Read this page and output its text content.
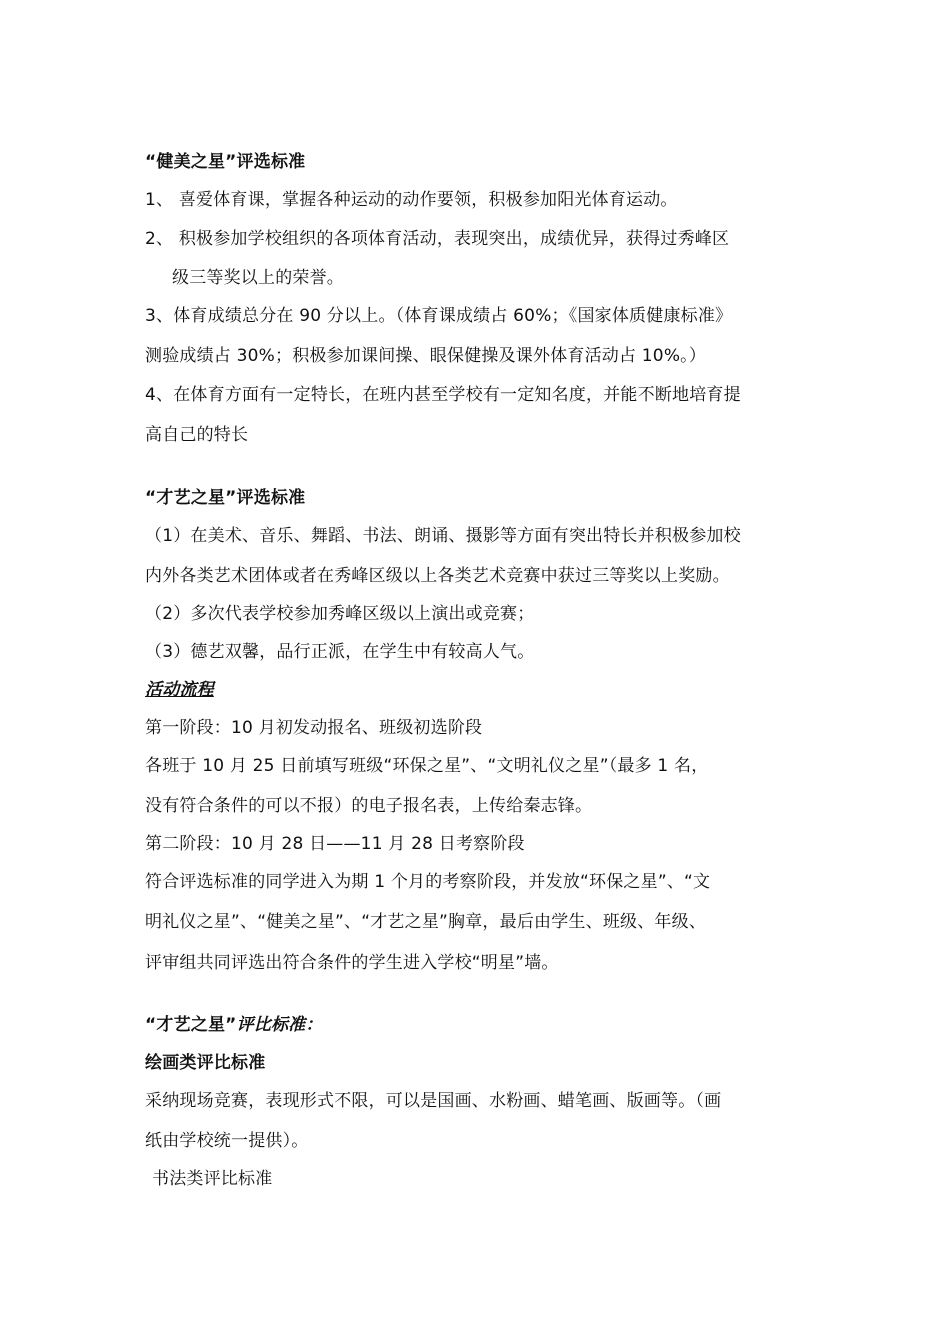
“健美之星”评选标准
1、 喜爱体育课，掌握各种运动的动作要领，积极参加阳光体育运动。
2、 积极参加学校组织的各项体育活动，表现突出，成绩优异，获得过秀峰区
级三等奖以上的荣誉。
3、体育成绩总分在 90 分以上。（体育课成绩占 60%；《国家体质健康标准》
测验成绩占 30%；积极参加课间操、眼保健操及课外体育活动占 10%。）
4、在体育方面有一定特长，在班内甚至学校有一定知名度，并能不断地培育提
高自己的特长
“才艺之星”评选标准
（1）在美术、音乐、舞蹈、书法、朗诵、摄影等方面有突出特长并积极参加校
内外各类艺术团体或者在秀峰区级以上各类艺术竞赛中获过三等奖以上奖励。
（2）多次代表学校参加秀峰区级以上演出或竞赛；
（3）德艺双馨，品行正派，在学生中有较高人气。
活动流程
第一阶段：10 月初发动报名、班级初选阶段
各班于 10 月 25 日前填写班级“环保之星”、“文明礼仪之星”（最多 1 名，
没有符合条件的可以不报）的电子报名表，上传给秦志锋。
第二阶段：10 月 28 日——11 月 28 日考察阶段
符合评选标准的同学进入为期 1 个月的考察阶段，并发放“环保之星”、“文
明礼仪之星”、“健美之星”、“才艺之星”胸章，最后由学生、班级、年级、
评审组共同评选出符合条件的学生进入学校“明星”墙。
“才艺之星”评比标准：
绘画类评比标准
采纳现场竞赛，表现形式不限，可以是国画、水粉画、蜡笔画、版画等。（画
纸由学校统一提供）。
书法类评比标准
